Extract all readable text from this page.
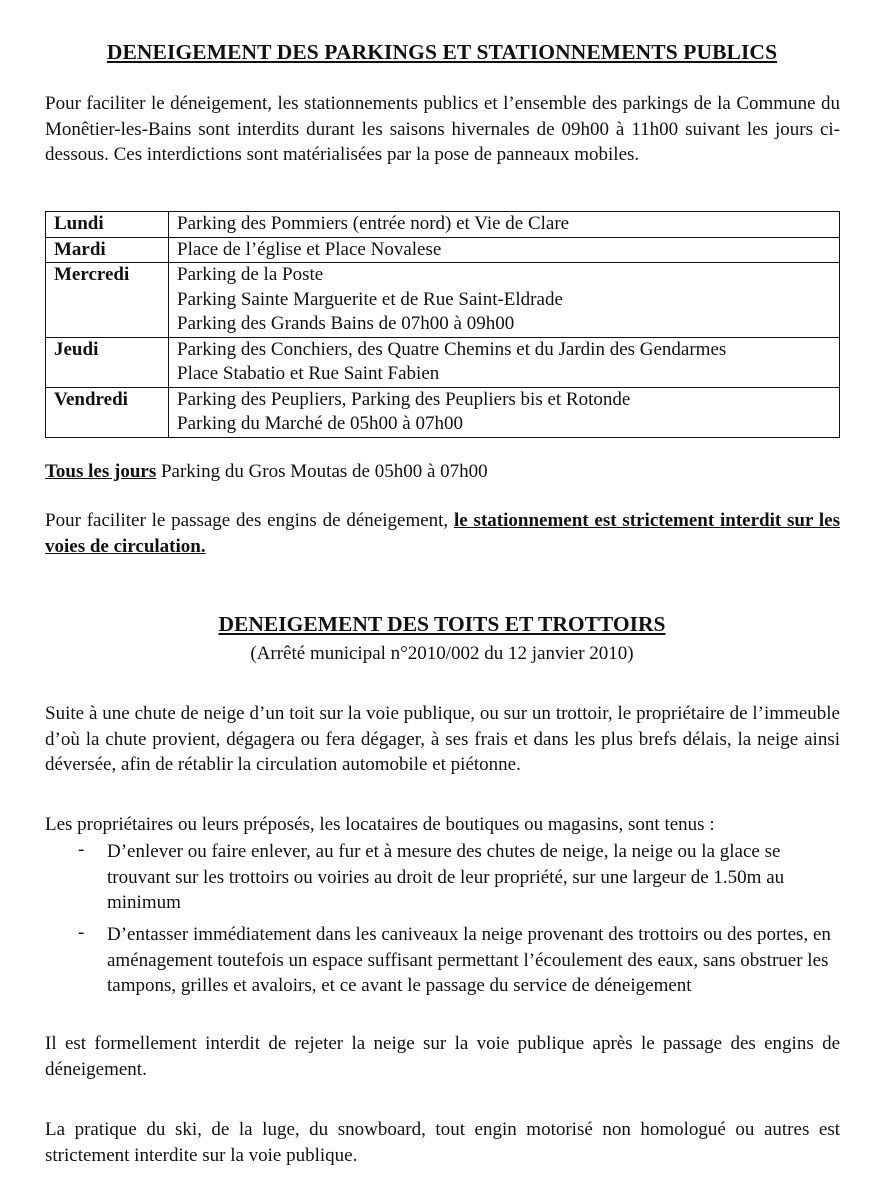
DENEIGEMENT DES PARKINGS ET STATIONNEMENTS PUBLICS

Pour faciliter le déneigement, les stationnements publics et l’ensemble des parkings de la Commune du Monêtier-les-Bains sont interdits durant les saisons hivernales de 09h00 à 11h00 suivant les jours ci-dessous. Ces interdictions sont matérialisées par la pose de panneaux mobiles.

Lundi	Parking des Pommiers (entrée nord) et Vie de Clare

Mardi	Place de l’église et Place Novalese

Mercredi	Parking de la Poste
Parking Sainte Marguerite et de Rue Saint-Eldrade
Parking des Grands Bains de 07h00 à 09h00

Jeudi	Parking des Conchiers, des Quatre Chemins et du Jardin des Gendarmes
Place Stabatio et Rue Saint Fabien

Vendredi	Parking des Peupliers, Parking des Peupliers bis et Rotonde
Parking du Marché de 05h00 à 07h00

Tous les jours Parking du Gros Moutas de 05h00 à 07h00

Pour faciliter le passage des engins de déneigement, le stationnement est strictement interdit sur les voies de circulation.

DENEIGEMENT DES TOITS ET TROTTOIRS
(Arrêté municipal n°2010/002 du 12 janvier 2010)

Suite à une chute de neige d’un toit sur la voie publique, ou sur un trottoir, le propriétaire de l’immeuble d’où la chute provient, dégagera ou fera dégager, à ses frais et dans les plus brefs délais, la neige ainsi déversée, afin de rétablir la circulation automobile et piétonne.

Les propriétaires ou leurs préposés, les locataires de boutiques ou magasins, sont tenus :

-	D’enlever ou faire enlever, au fur et à mesure des chutes de neige, la neige ou la glace se trouvant sur les trottoirs ou voiries au droit de leur propriété, sur une largeur de 1.50m au minimum

-	D’entasser immédiatement dans les caniveaux la neige provenant des trottoirs ou des portes, en aménagement toutefois un espace suffisant permettant l’écoulement des eaux, sans obstruer les tampons, grilles et avaloirs, et ce avant le passage du service de déneigement

Il est formellement interdit de rejeter la neige sur la voie publique après le passage des engins de déneigement.

La pratique du ski, de la luge, du snowboard, tout engin motorisé non homologué ou autres est strictement interdite sur la voie publique.
